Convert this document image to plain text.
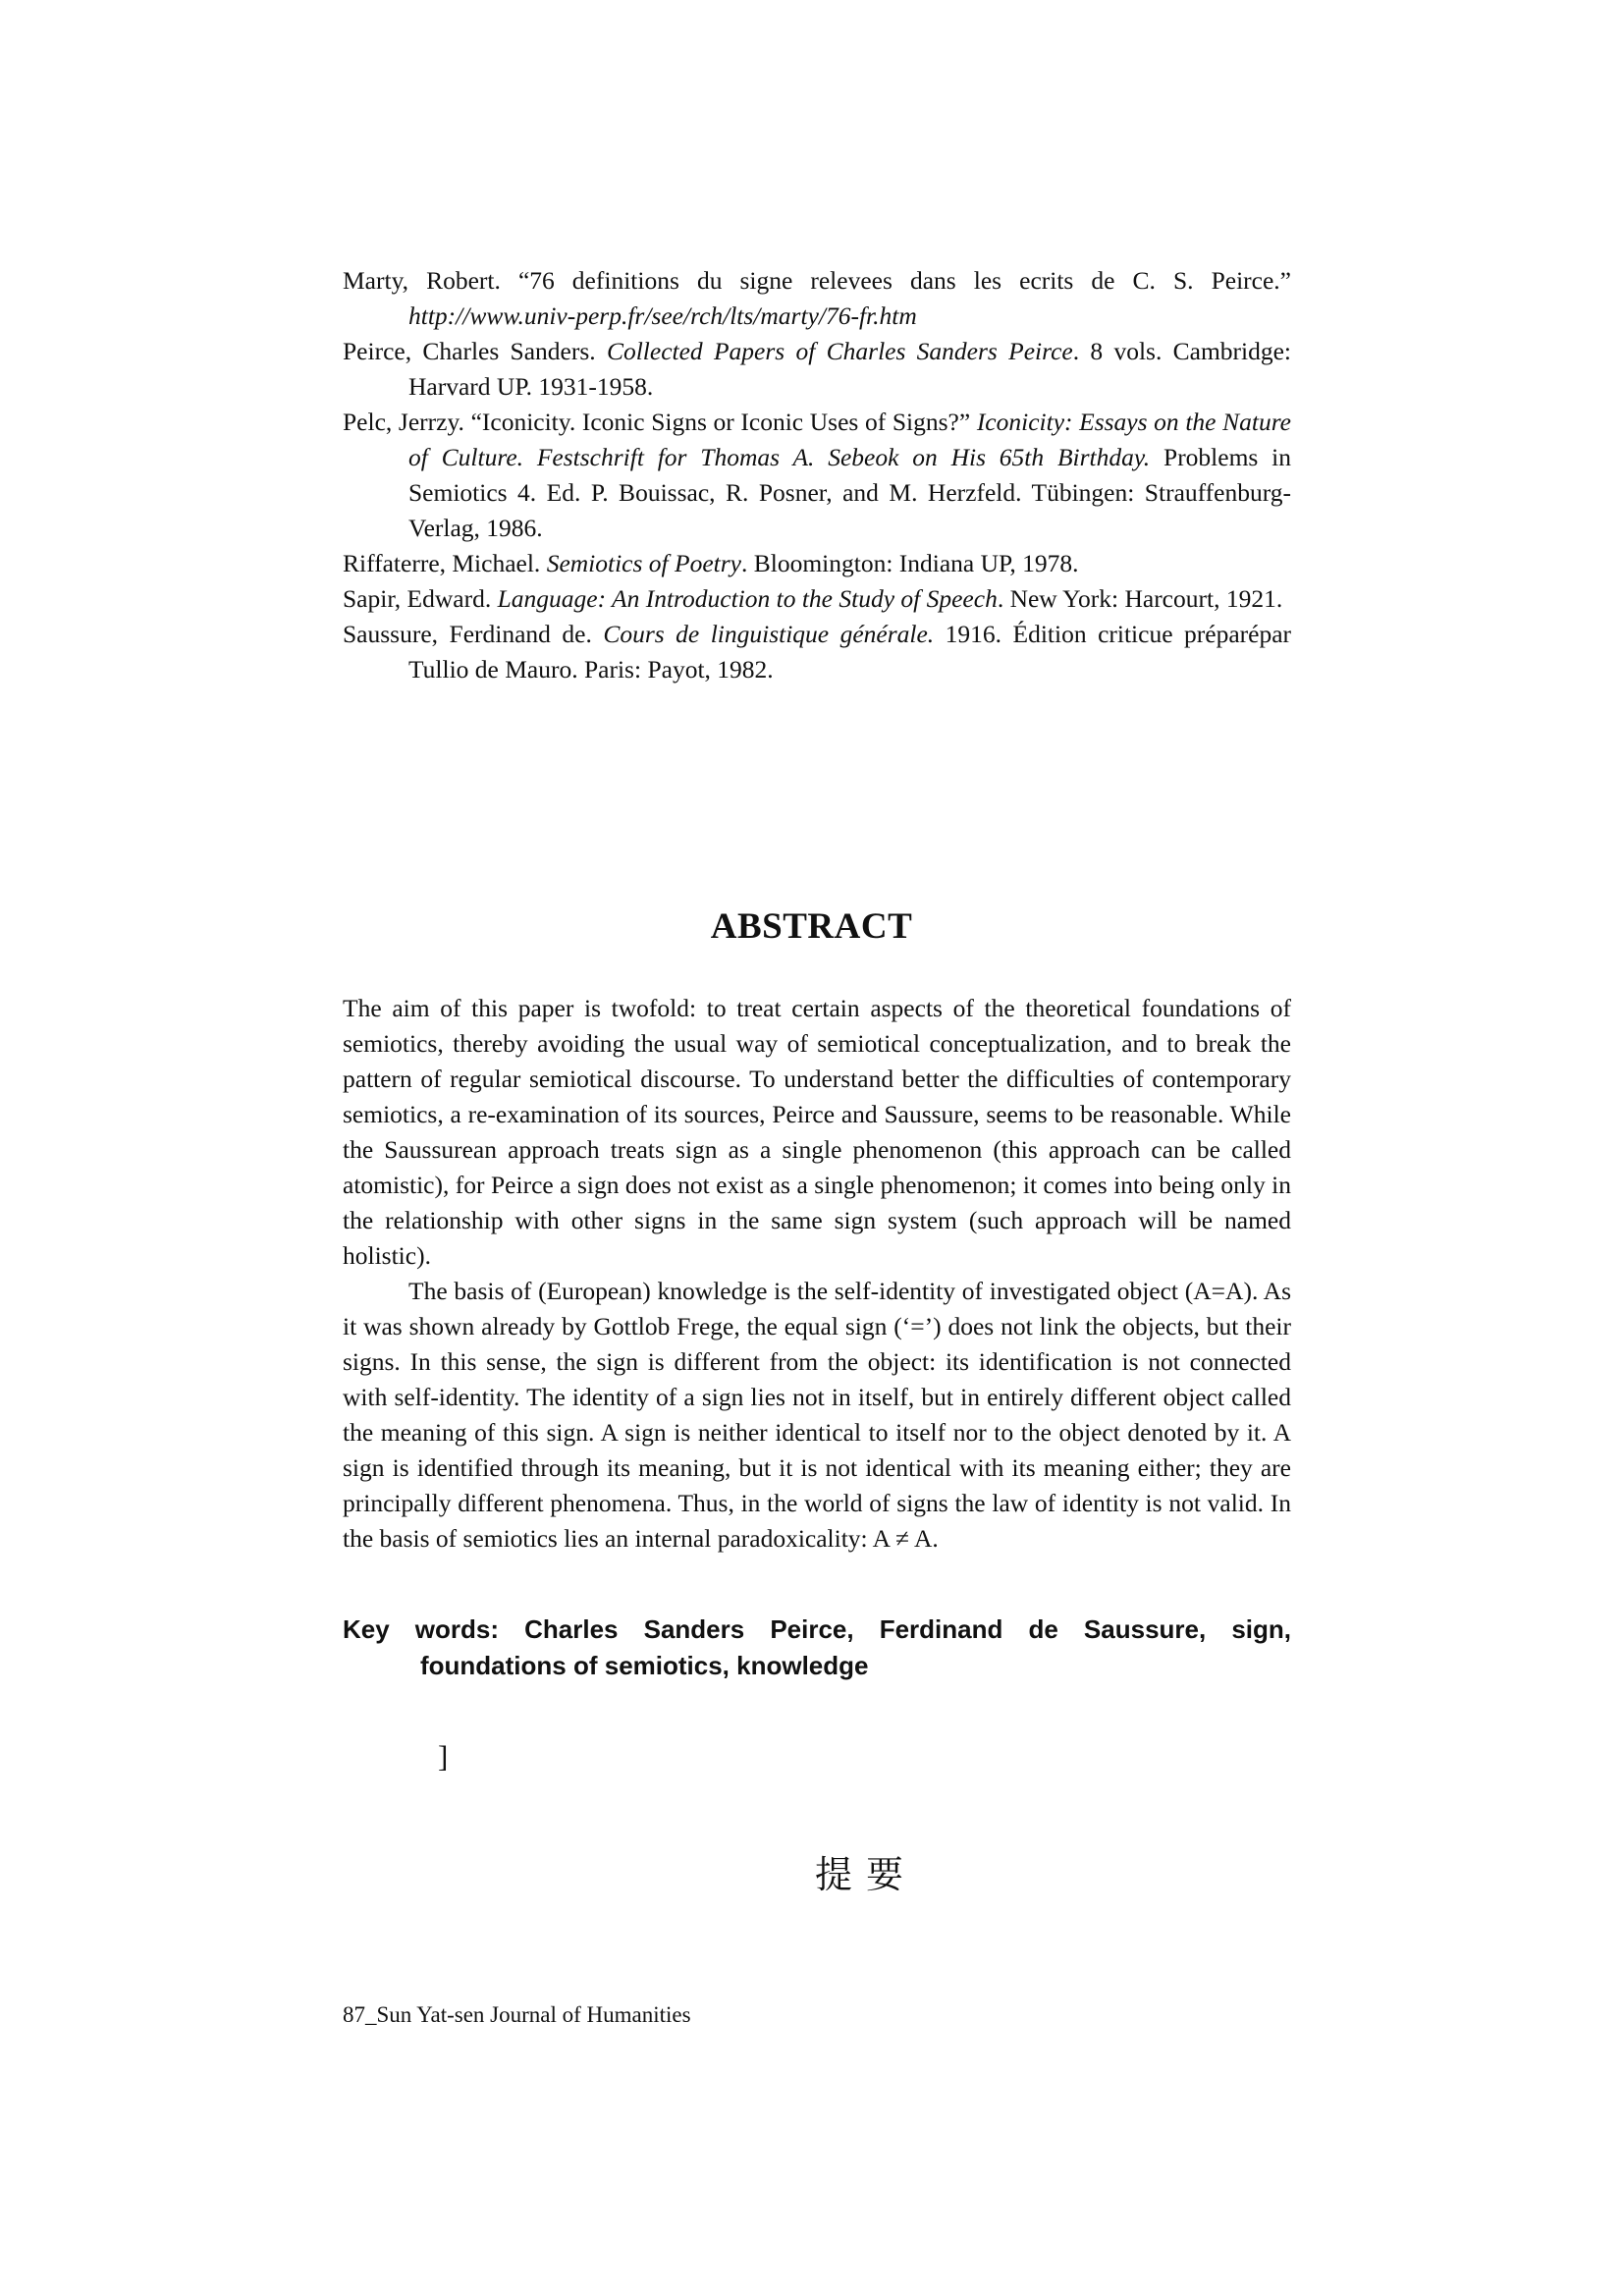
Marty, Robert. “76 definitions du signe relevees dans les ecrits de C. S. Peirce.” http://www.univ-perp.fr/see/rch/lts/marty/76-fr.htm

Peirce, Charles Sanders. Collected Papers of Charles Sanders Peirce. 8 vols. Cambridge: Harvard UP. 1931-1958.

Pelc, Jerrzy. “Iconicity. Iconic Signs or Iconic Uses of Signs?” Iconicity: Essays on the Nature of Culture. Festschrift for Thomas A. Sebeok on His 65th Birthday. Problems in Semiotics 4. Ed. P. Bouissac, R. Posner, and M. Herzfeld. Tübingen: Strauffenburg-Verlag, 1986.

Riffaterre, Michael. Semiotics of Poetry. Bloomington: Indiana UP, 1978.

Sapir, Edward. Language: An Introduction to the Study of Speech. New York: Harcourt, 1921.

Saussure, Ferdinand de. Cours de linguistique générale. 1916. Édition criticue préparépar Tullio de Mauro. Paris: Payot, 1982.

ABSTRACT

The aim of this paper is twofold: to treat certain aspects of the theoretical foundations of semiotics, thereby avoiding the usual way of semiotical conceptualization, and to break the pattern of regular semiotical discourse. To understand better the difficulties of contemporary semiotics, a re-examination of its sources, Peirce and Saussure, seems to be reasonable. While the Saussurean approach treats sign as a single phenomenon (this approach can be called atomistic), for Peirce a sign does not exist as a single phenomenon; it comes into being only in the relationship with other signs in the same sign system (such approach will be named holistic).

The basis of (European) knowledge is the self-identity of investigated object (A=A). As it was shown already by Gottlob Frege, the equal sign (‘=’) does not link the objects, but their signs. In this sense, the sign is different from the object: its identification is not connected with self-identity. The identity of a sign lies not in itself, but in entirely different object called the meaning of this sign. A sign is neither identical to itself nor to the object denoted by it. A sign is identified through its meaning, but it is not identical with its meaning either; they are principally different phenomena. Thus, in the world of signs the law of identity is not valid. In the basis of semiotics lies an internal paradoxicality: A ≠ A.

Key words: Charles Sanders Peirce, Ferdinand de Saussure, sign, foundations of semiotics, knowledge

]
提要
87_Sun Yat-sen Journal of Humanities
